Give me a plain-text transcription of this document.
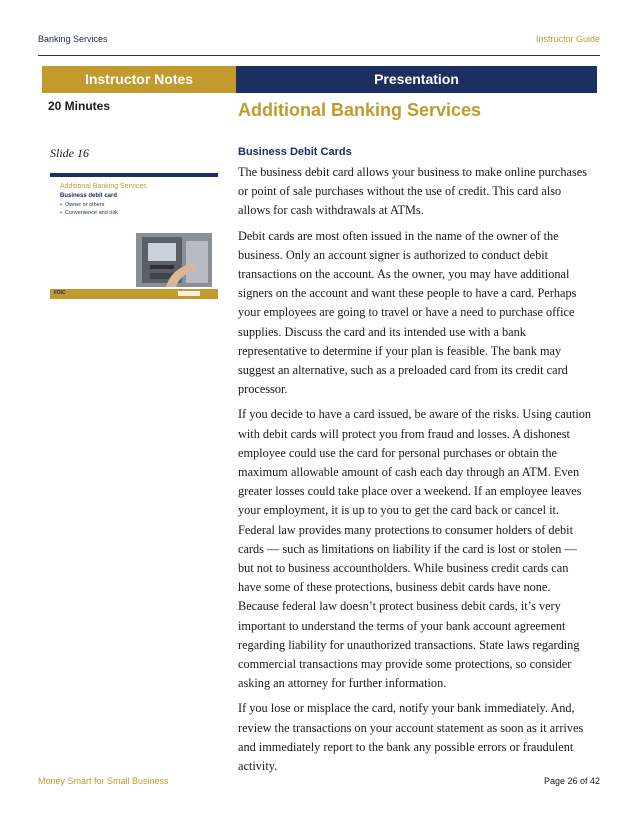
Banking Services	Instructor Guide
Instructor Notes	Presentation
20 Minutes
Slide 16
Additional Banking Services
Business debit card
• Owner or others
• Convenience and risk
FDIC
Additional Banking Services
Business Debit Cards

The business debit card allows your business to make online purchases or point of sale purchases without the use of credit. This card also allows for cash withdrawals at ATMs.

Debit cards are most often issued in the name of the owner of the business. Only an account signer is authorized to conduct debit transactions on the account. As the owner, you may have additional signers on the account and want these people to have a card. Perhaps your employees are going to travel or have a need to purchase office supplies. Discuss the card and its intended use with a bank representative to determine if your plan is feasible. The bank may suggest an alternative, such as a preloaded card from its credit card processor.

If you decide to have a card issued, be aware of the risks. Using caution with debit cards will protect you from fraud and losses. A dishonest employee could use the card for personal purchases or obtain the maximum allowable amount of cash each day through an ATM. Even greater losses could take place over a weekend. If an employee leaves your employment, it is up to you to get the card back or cancel it. Federal law provides many protections to consumer holders of debit cards — such as limitations on liability if the card is lost or stolen — but not to business accountholders. While business credit cards can have some of these protections, business debit cards have none. Because federal law doesn’t protect business debit cards, it’s very important to understand the terms of your bank account agreement regarding liability for unauthorized transactions. State laws regarding commercial transactions may provide some protections, so consider asking an attorney for further information.

If you lose or misplace the card, notify your bank immediately. And, review the transactions on your account statement as soon as it arrives and immediately report to the bank any possible errors or fraudulent activity.

Money Smart for Small Business	Page 26 of 42
